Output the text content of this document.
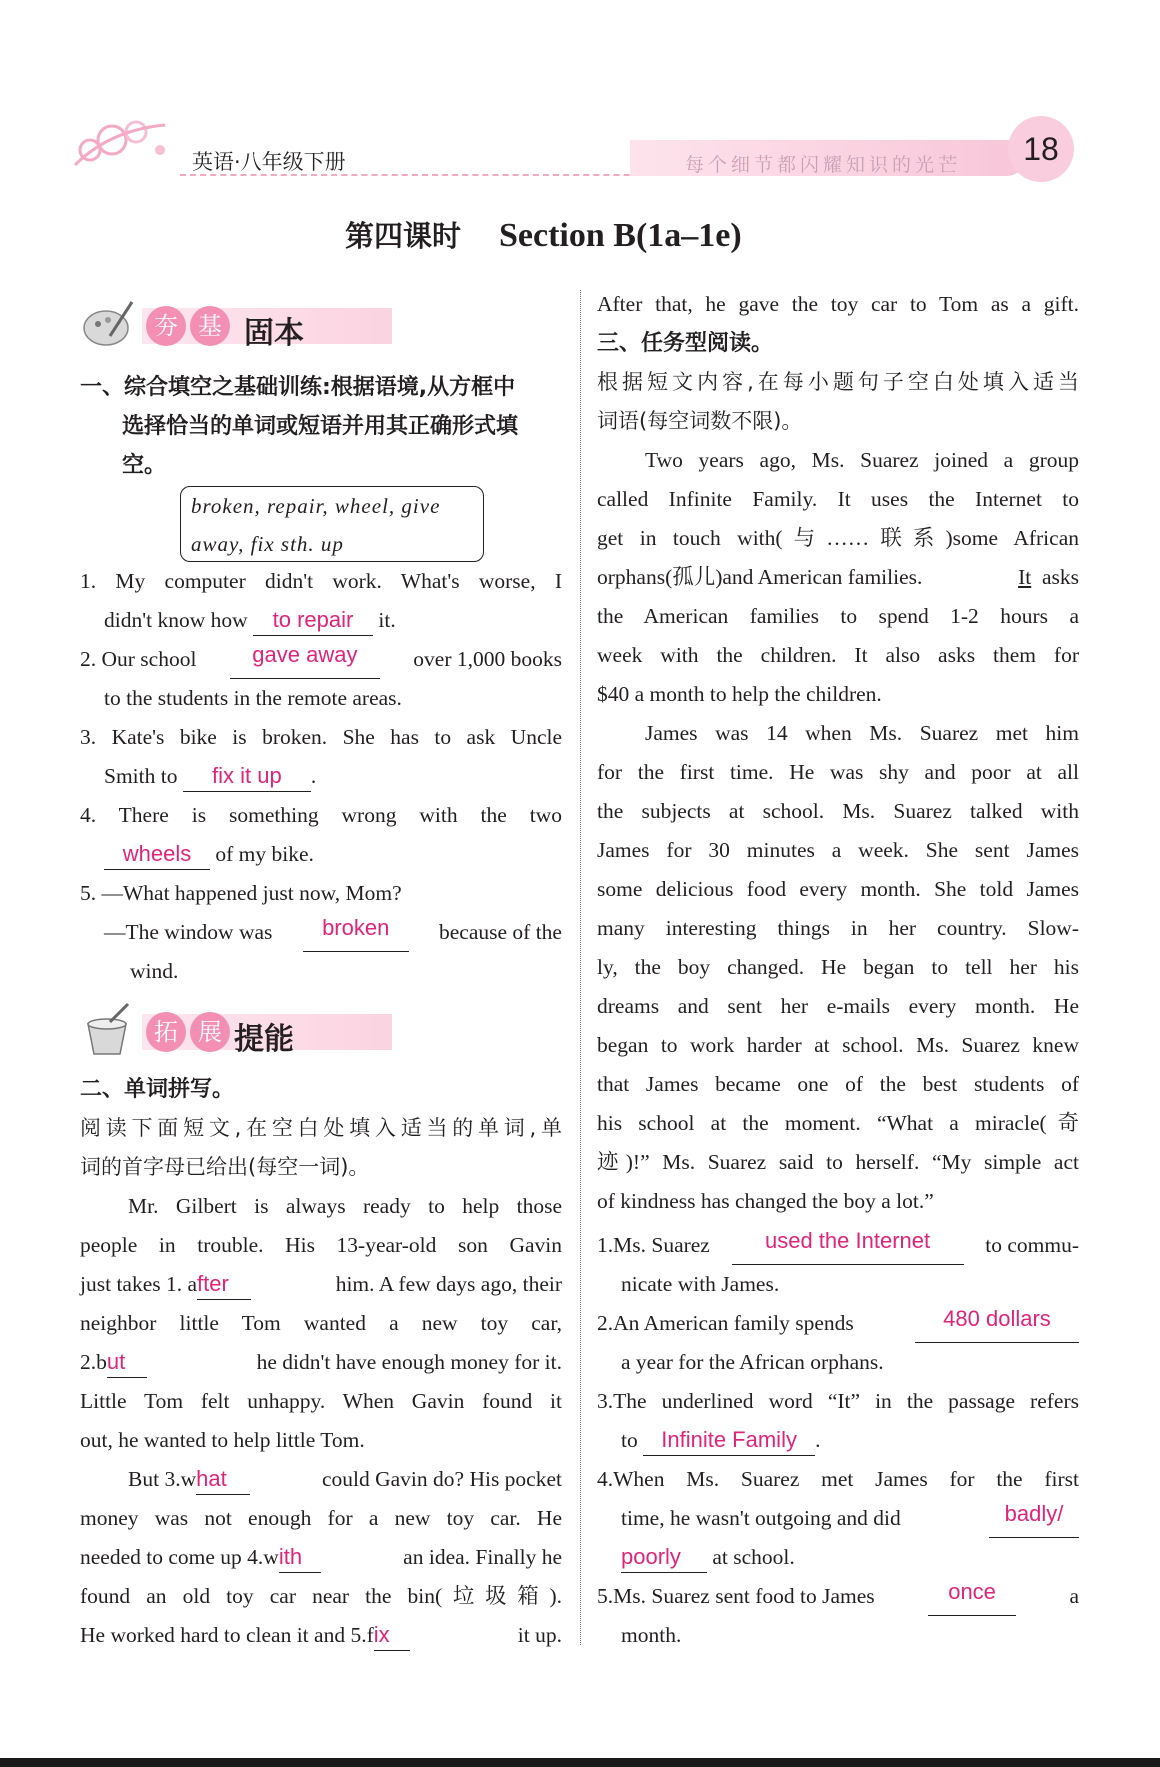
英语·八年级下册	每个细节都闪耀知识的光芒	18
第四课时 Section B(1a–1e)
夯 基 固本
一、综合填空之基础训练:根据语境,从方框中
选择恰当的单词或短语并用其正确形式填
空。
broken, repair, wheel, give
away, fix sth. up
1. My computer didn't work. What's worse, I
didn't know how to repair it.
2. Our school	gave away	over 1,000 books
to the students in the remote areas.
3. Kate's bike is broken. She has to ask Uncle
Smith to fix it up .
4. There is something wrong with the two
wheels of my bike.
5. —What happened just now, Mom?
—The window was	broken	because of the
wind.
拓 展 提能
二、单词拼写。
阅读下面短文,在空白处填入适当的单词,单
词的首字母已给出(每空一词)。
Mr. Gilbert is always ready to help those
people in trouble. His 13-year-old son Gavin
just takes 1. after	him. A few days ago, their
neighbor little Tom wanted a new toy car,
2.but	he didn't have enough money for it.
Little Tom felt unhappy. When Gavin found it
out, he wanted to help little Tom.
But 3.what	could Gavin do? His pocket
money was not enough for a new toy car. He
needed to come up 4.with	an idea. Finally he
found an old toy car near the bin(垃圾箱).
He worked hard to clean it and 5.fix	it up.
After that, he gave the toy car to Tom as a gift.
三、任务型阅读。
根据短文内容,在每小题句子空白处填入适当
词语(每空词数不限)。
Two years ago, Ms. Suarez joined a group
called Infinite Family. It uses the Internet to
get in touch with(与……联系)some African
orphans(孤儿)and American families.	It asks
the American families to spend 1-2 hours a
week with the children. It also asks them for
$40 a month to help the children.
James was 14 when Ms. Suarez met him
for the first time. He was shy and poor at all
the subjects at school. Ms. Suarez talked with
James for 30 minutes a week. She sent James
some delicious food every month. She told James
many interesting things in her country. Slow-
ly, the boy changed. He began to tell her his
dreams and sent her e-mails every month. He
began to work harder at school. Ms. Suarez knew
that James became one of the best students of
his school at the moment. “What a miracle(奇
迹)!” Ms. Suarez said to herself. “My simple act
of kindness has changed the boy a lot.”
1.Ms. Suarez	used the Internet	to commu-
nicate with James.
2.An American family spends	480 dollars
a year for the African orphans.
3.The underlined word “It” in the passage refers
to Infinite Family .
4.When Ms. Suarez met James for the first
time, he wasn't outgoing and did	badly/
poorly at school.
5.Ms. Suarez sent food to James	once	a
month.
